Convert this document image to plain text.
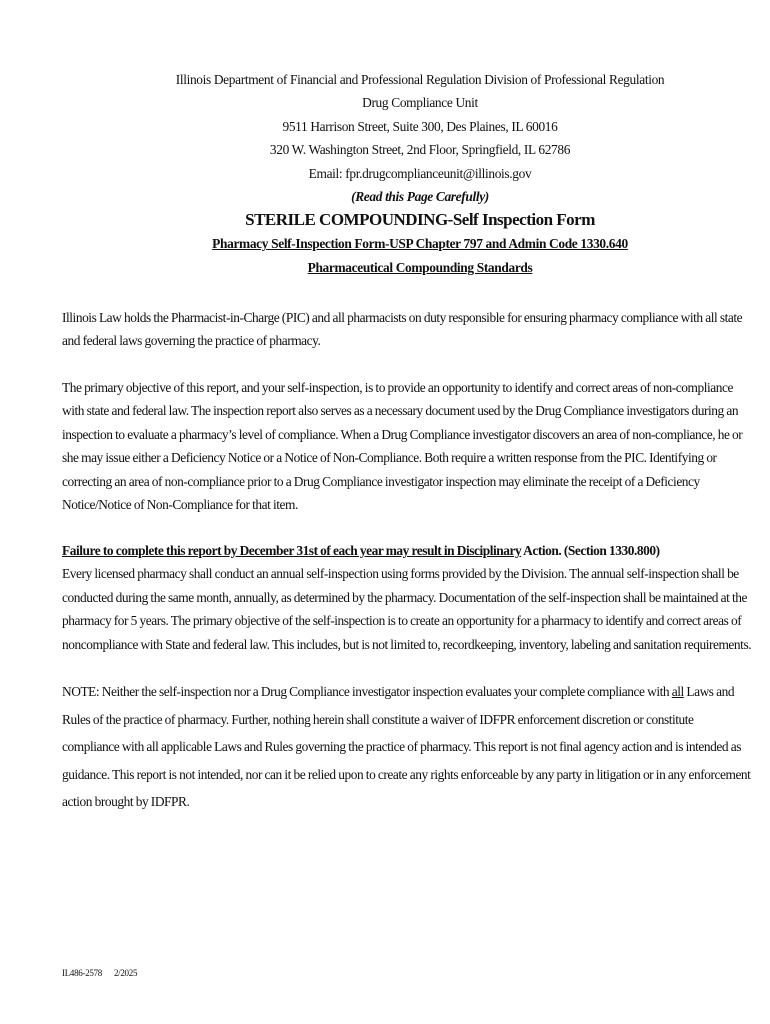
Illinois Department of Financial and Professional Regulation Division of Professional Regulation
Drug Compliance Unit
9511 Harrison Street, Suite 300, Des Plaines, IL 60016
320 W. Washington Street, 2nd Floor, Springfield, IL 62786
Email: fpr.drugcomplianceunit@illinois.gov
(Read this Page Carefully)
STERILE COMPOUNDING-Self Inspection Form
Pharmacy Self-Inspection Form-USP Chapter 797 and Admin Code 1330.640
Pharmaceutical Compounding Standards

Illinois Law holds the Pharmacist-in-Charge (PIC) and all pharmacists on duty responsible for ensuring pharmacy compliance with all state and federal laws governing the practice of pharmacy.

The primary objective of this report, and your self-inspection, is to provide an opportunity to identify and correct areas of non-compliance with state and federal law. The inspection report also serves as a necessary document used by the Drug Compliance investigators during an inspection to evaluate a pharmacy’s level of compliance. When a Drug Compliance investigator discovers an area of non-compliance, he or she may issue either a Deficiency Notice or a Notice of Non-Compliance. Both require a written response from the PIC. Identifying or correcting an area of non-compliance prior to a Drug Compliance investigator inspection may eliminate the receipt of a Deficiency Notice/Notice of Non-Compliance for that item.

Failure to complete this report by December 31st of each year may result in Disciplinary Action. (Section 1330.800)
Every licensed pharmacy shall conduct an annual self-inspection using forms provided by the Division. The annual self-inspection shall be conducted during the same month, annually, as determined by the pharmacy. Documentation of the self-inspection shall be maintained at the pharmacy for 5 years. The primary objective of the self-inspection is to create an opportunity for a pharmacy to identify and correct areas of noncompliance with State and federal law. This includes, but is not limited to, recordkeeping, inventory, labeling and sanitation requirements.

NOTE: Neither the self-inspection nor a Drug Compliance investigator inspection evaluates your complete compliance with all Laws and Rules of the practice of pharmacy. Further, nothing herein shall constitute a waiver of IDFPR enforcement discretion or constitute compliance with all applicable Laws and Rules governing the practice of pharmacy. This report is not final agency action and is intended as guidance. This report is not intended, nor can it be relied upon to create any rights enforceable by any party in litigation or in any enforcement action brought by IDFPR.

IL486-2578 2/2025
